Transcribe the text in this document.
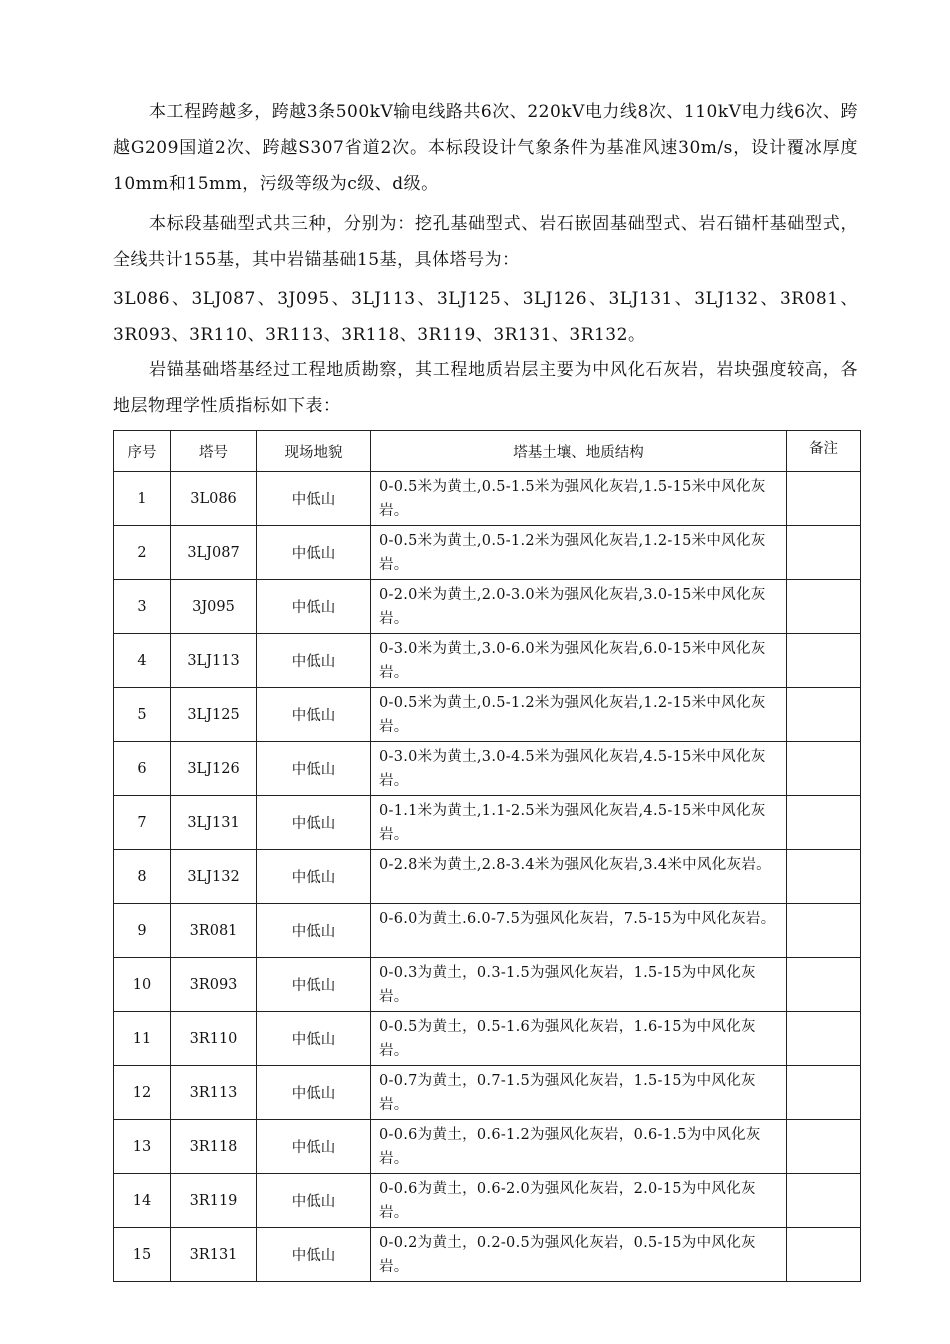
本工程跨越多，跨越3条500kV输电线路共6次、220kV电力线8次、110kV电力线6次、跨越G209国道2次、跨越S307省道2次。本标段设计气象条件为基准风速30m/s，设计覆冰厚度10mm和15mm，污级等级为c级、d级。

本标段基础型式共三种，分别为：挖孔基础型式、岩石嵌固基础型式、岩石锚杆基础型式，全线共计155基，其中岩锚基础15基，具体塔号为：

3L086、3LJ087、3J095、3LJ113、3LJ125、3LJ126、3LJ131、3LJ132、3R081、3R093、3R110、3R113、3R118、3R119、3R131、3R132。

岩锚基础塔基经过工程地质勘察，其工程地质岩层主要为中风化石灰岩，岩块强度较高，各地层物理学性质指标如下表：

序号	塔号	现场地貌	塔基土壤、地质结构	备注
1	3L086	中低山	0-0.5米为黄土,0.5-1.5米为强风化灰岩,1.5-15米中风化灰岩。	
2	3LJ087	中低山	0-0.5米为黄土,0.5-1.2米为强风化灰岩,1.2-15米中风化灰岩。	
3	3J095	中低山	0-2.0米为黄土,2.0-3.0米为强风化灰岩,3.0-15米中风化灰岩。	
4	3LJ113	中低山	0-3.0米为黄土,3.0-6.0米为强风化灰岩,6.0-15米中风化灰岩。	
5	3LJ125	中低山	0-0.5米为黄土,0.5-1.2米为强风化灰岩,1.2-15米中风化灰岩。	
6	3LJ126	中低山	0-3.0米为黄土,3.0-4.5米为强风化灰岩,4.5-15米中风化灰岩。	
7	3LJ131	中低山	0-1.1米为黄土,1.1-2.5米为强风化灰岩,4.5-15米中风化灰岩。	
8	3LJ132	中低山	0-2.8米为黄土,2.8-3.4米为强风化灰岩,3.4米中风化灰岩。	
9	3R081	中低山	0-6.0为黄土.6.0-7.5为强风化灰岩，7.5-15为中风化灰岩。	
10	3R093	中低山	0-0.3为黄土，0.3-1.5为强风化灰岩，1.5-15为中风化灰岩。	
11	3R110	中低山	0-0.5为黄土，0.5-1.6为强风化灰岩，1.6-15为中风化灰岩。	
12	3R113	中低山	0-0.7为黄土，0.7-1.5为强风化灰岩，1.5-15为中风化灰岩。	
13	3R118	中低山	0-0.6为黄土，0.6-1.2为强风化灰岩，0.6-1.5为中风化灰岩。	
14	3R119	中低山	0-0.6为黄土，0.6-2.0为强风化灰岩，2.0-15为中风化灰岩。	
15	3R131	中低山	0-0.2为黄土，0.2-0.5为强风化灰岩，0.5-15为中风化灰岩。	
